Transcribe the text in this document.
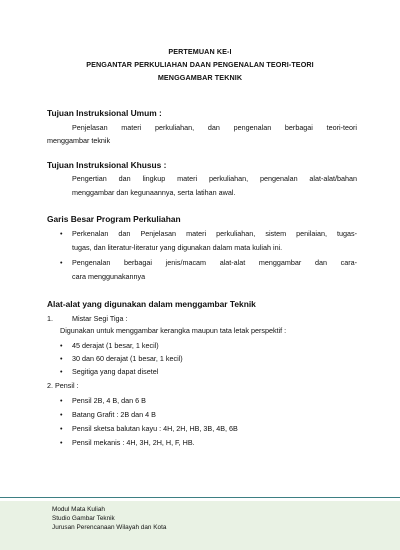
PERTEMUAN KE-I
PENGANTAR PERKULIAHAN DAAN PENGENALAN TEORI-TEORI
MENGGAMBAR TEKNIK
Tujuan Instruksional Umum :
Penjelasan materi perkuliahan, dan pengenalan berbagai teori-teori
menggambar teknik
Tujuan Instruksional Khusus :
Pengertian dan lingkup materi perkuliahan, pengenalan alat-alat/bahan
menggambar dan kegunaannya, serta latihan awal.
Garis Besar Program Perkuliahan
• Perkenalan dan Penjelasan materi perkuliahan, sistem penilaian, tugas-
tugas, dan literatur-literatur yang digunakan dalam mata kuliah ini.
• Pengenalan berbagai jenis/macam alat-alat menggambar dan cara-
cara menggunakannya
Alat-alat yang digunakan dalam menggambar Teknik
1.	Mistar Segi Tiga :
Digunakan untuk menggambar kerangka maupun tata letak perspektif :
• 45 derajat (1 besar, 1 kecil)
• 30 dan 60 derajat (1 besar, 1 kecil)
• Segitiga yang dapat disetel
2. Pensil :
• Pensil 2B, 4 B, dan 6 B
• Batang Grafit : 2B dan 4 B
• Pensil sketsa balutan kayu : 4H, 2H, HB, 3B, 4B, 6B
• Pensil mekanis : 4H, 3H, 2H, H, F, HB.
Modul Mata Kuliah
Studio Gambar Teknik
Jurusan Perencanaan Wilayah dan Kota
